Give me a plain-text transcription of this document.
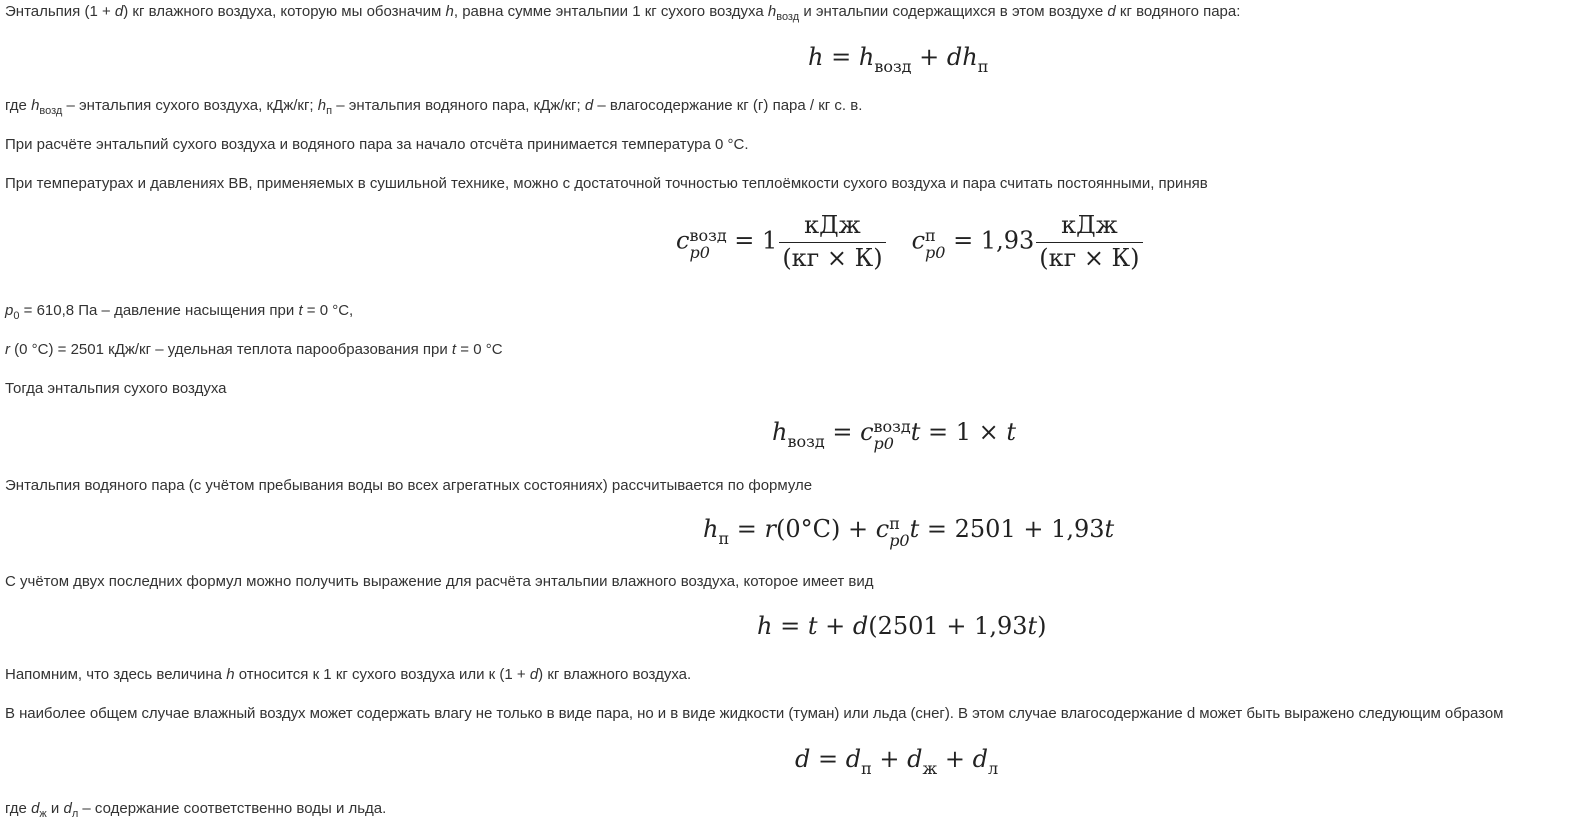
Энтальпия (1 + d) кг влажного воздуха, которую мы обозначим h, равна сумме энтальпии 1 кг сухого воздуха $h_{возд}$ и энтальпии содержащихся в этом воздухе d кг водяного пара:

$h = h_{возд} + dh_п$

где $h_{возд}$ – энтальпия сухого воздуха, кДж/кг; $h_п$ – энтальпия водяного пара, кДж/кг; d – влагосодержание кг (г) пара / кг с. в.

При расчёте энтальпий сухого воздуха и водяного пара за начало отсчёта принимается температура 0 °С.

При температурах и давлениях ВВ, применяемых в сушильной технике, можно с достаточной точностью теплоёмкости сухого воздуха и пара считать постоянными, приняв

c возд
$p0 = 1 \frac{\text{кДж}}{(кг \times К)}$ c п
$p0 = 1,93 \frac{\text{кДж}}{(кг \times К)}$

$p_0 = 610,8$ Па – давление насыщения при t = 0 °С,

r (0 °С) = 2501 кДж/кг – удельная теплота парообразования при t = 0 °С

Тогда энтальпия сухого воздуха

$h_{возд} = c$ возд
p0 t = 1 × t

Энтальпия водяного пара (с учётом пребывания воды во всех агрегатных состояниях) рассчитывается по формуле

$h_п = r(0^\circ С) + c$ п
p0 t = 2501 + 1,93t

С учётом двух последних формул можно получить выражение для расчёта энтальпии влажного воздуха, которое имеет вид

h = t + d(2501 + 1,93t)

Напомним, что здесь величина h относится к 1 кг сухого воздуха или к (1 + d) кг влажного воздуха.

В наиболее общем случае влажный воздух может содержать влагу не только в виде пара, но и в виде жидкости (туман) или льда (снег). В этом случае влагосодержание d может быть выражено следующим образом

$d = d_п + d_ж + d_л$

где $d_ж$ и $d_л$ – содержание соответственно воды и льда.
